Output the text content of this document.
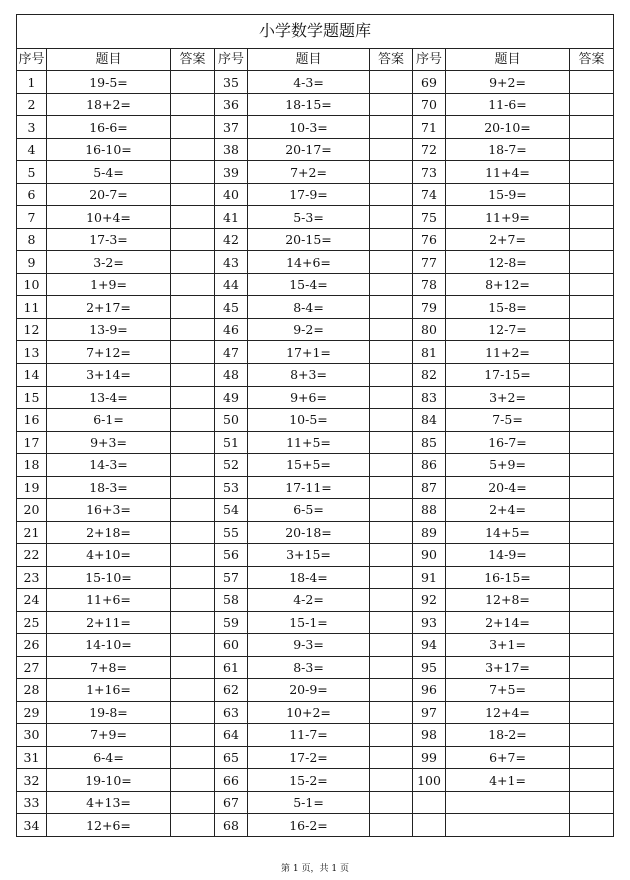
小学数学题题库								
序号	题目	答案	序号	题目	答案	序号	题目	答案
1	19-5=		35	4-3=		69	9+2=	
2	18+2=		36	18-15=		70	11-6=	
3	16-6=		37	10-3=		71	20-10=	
4	16-10=		38	20-17=		72	18-7=	
5	5-4=		39	7+2=		73	11+4=	
6	20-7=		40	17-9=		74	15-9=	
7	10+4=		41	5-3=		75	11+9=	
8	17-3=		42	20-15=		76	2+7=	
9	3-2=		43	14+6=		77	12-8=	
10	1+9=		44	15-4=		78	8+12=	
11	2+17=		45	8-4=		79	15-8=	
12	13-9=		46	9-2=		80	12-7=	
13	7+12=		47	17+1=		81	11+2=	
14	3+14=		48	8+3=		82	17-15=	
15	13-4=		49	9+6=		83	3+2=	
16	6-1=		50	10-5=		84	7-5=	
17	9+3=		51	11+5=		85	16-7=	
18	14-3=		52	15+5=		86	5+9=	
19	18-3=		53	17-11=		87	20-4=	
20	16+3=		54	6-5=		88	2+4=	
21	2+18=		55	20-18=		89	14+5=	
22	4+10=		56	3+15=		90	14-9=	
23	15-10=		57	18-4=		91	16-15=	
24	11+6=		58	4-2=		92	12+8=	
25	2+11=		59	15-1=		93	2+14=	
26	14-10=		60	9-3=		94	3+1=	
27	7+8=		61	8-3=		95	3+17=	
28	1+16=		62	20-9=		96	7+5=	
29	19-8=		63	10+2=		97	12+4=	
30	7+9=		64	11-7=		98	18-2=	
31	6-4=		65	17-2=		99	6+7=	
32	19-10=		66	15-2=		100	4+1=	
33	4+13=		67	5-1=				
34	12+6=		68	16-2=				
第 1 页，共 1 页
